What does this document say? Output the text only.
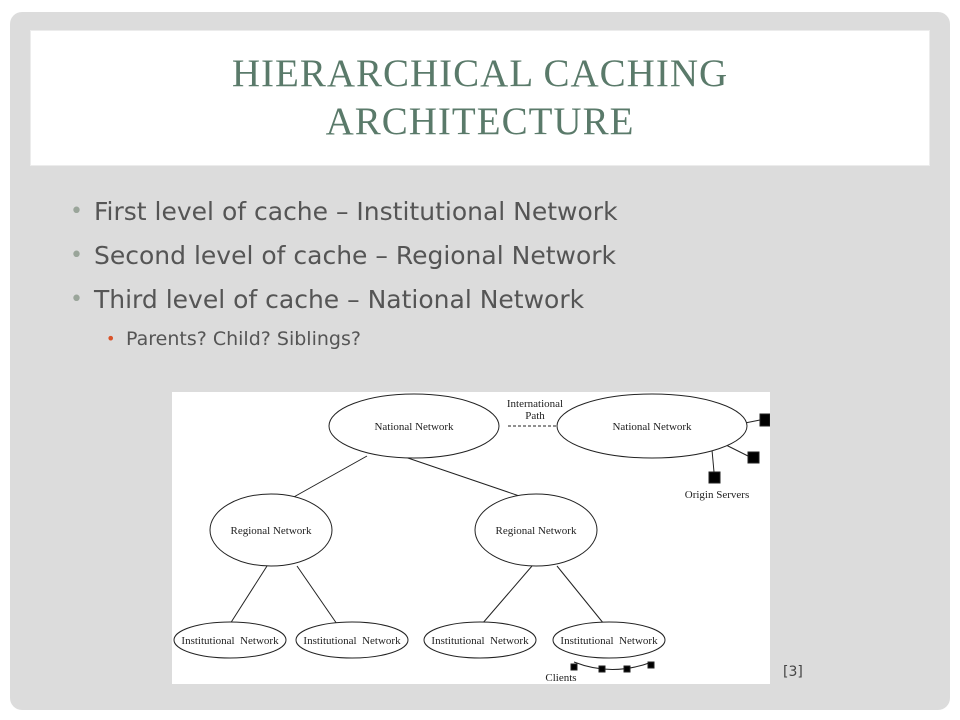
HIERARCHICAL CACHING ARCHITECTURE
• First level of cache – Institutional Network
• Second level of cache – Regional Network
• Third level of cache – National Network
• Parents? Child? Siblings?
National Network	National Network
International
Path
Regional Network	Regional Network
Institutional  Network Institutional  Network	Institutional  Network	Institutional  Network
Origin Servers
Clients	[3]
